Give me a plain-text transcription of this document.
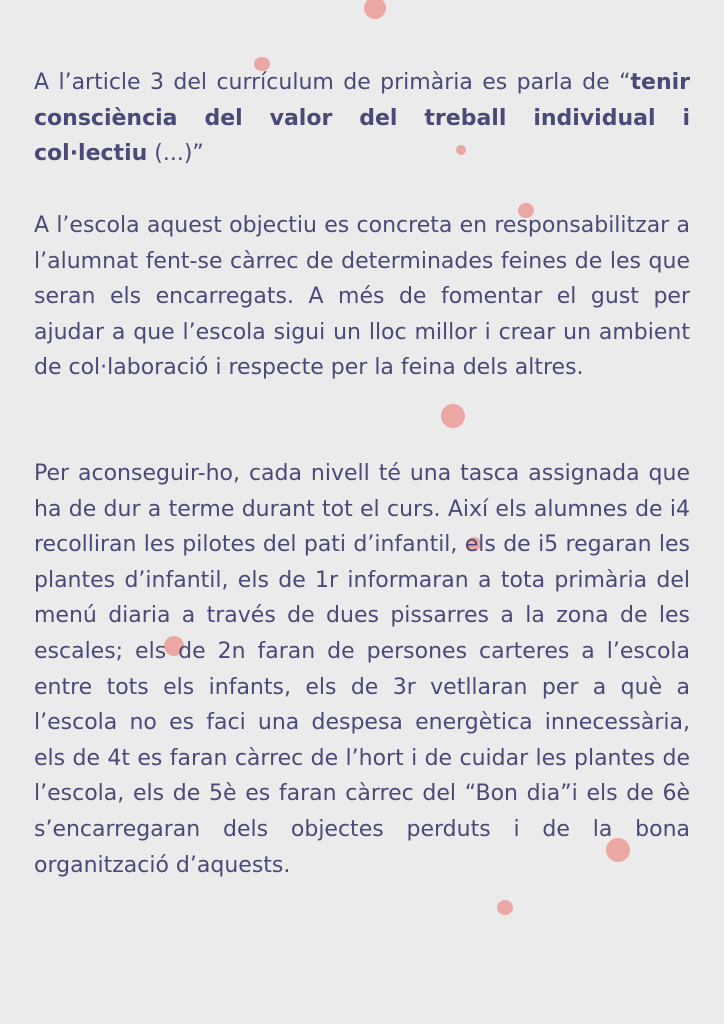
A l’article 3 del currículum de primària es parla de “tenir consciència del valor del treball individual i col·lectiu (...)”

A l’escola aquest objectiu es concreta en responsabilitzar a l’alumnat fent-se càrrec de determinades feines de les que seran els encarregats. A més de fomentar el gust per ajudar a que l’escola sigui un lloc millor i crear un ambient de col·laboració i respecte per la feina dels altres.

Per aconseguir-ho, cada nivell té una tasca assignada que ha de dur a terme durant tot el curs. Així els alumnes de i4 recolliran les pilotes del pati d’infantil, els de i5 regaran les plantes d’infantil, els de 1r informaran a tota primària del menú diaria a través de dues pissarres a la zona de les escales; els de 2n faran de persones carteres a l’escola entre tots els infants, els de 3r vetllaran per a què a l’escola no es faci una despesa energètica innecessària, els de 4t es faran càrrec de l’hort i de cuidar les plantes de l’escola, els de 5è es faran càrrec del “Bon dia”i els de 6è s’encarregaran dels objectes perduts i de la bona organització d’aquests.
